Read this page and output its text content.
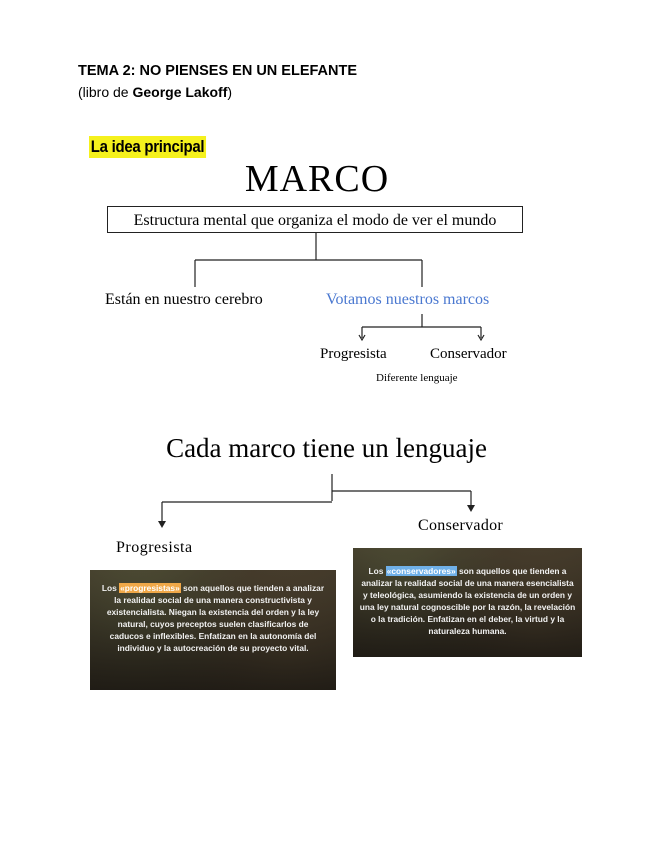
TEMA 2: NO PIENSES EN UN ELEFANTE
(libro de George Lakoff)
La idea principal
MARCO
Estructura mental que organiza el modo de ver el mundo
Están en nuestro cerebro	Votamos nuestros marcos
Progresista	Conservador
Diferente lenguaje
Cada marco tiene un lenguaje
Progresista
Conservador
Los «progresistas» son aquellos que tienden a analizar la realidad social de una manera constructivista y existencialista. Niegan la existencia del orden y la ley natural, cuyos preceptos suelen clasificarlos de caducos e inflexibles. Enfatizan en la autonomía del individuo y la autocreación de su proyecto vital.
Los «conservadores» son aquellos que tienden a analizar la realidad social de una manera esencialista y teleológica, asumiendo la existencia de un orden y una ley natural cognoscible por la razón, la revelación o la tradición. Enfatizan en el deber, la virtud y la naturaleza humana.
